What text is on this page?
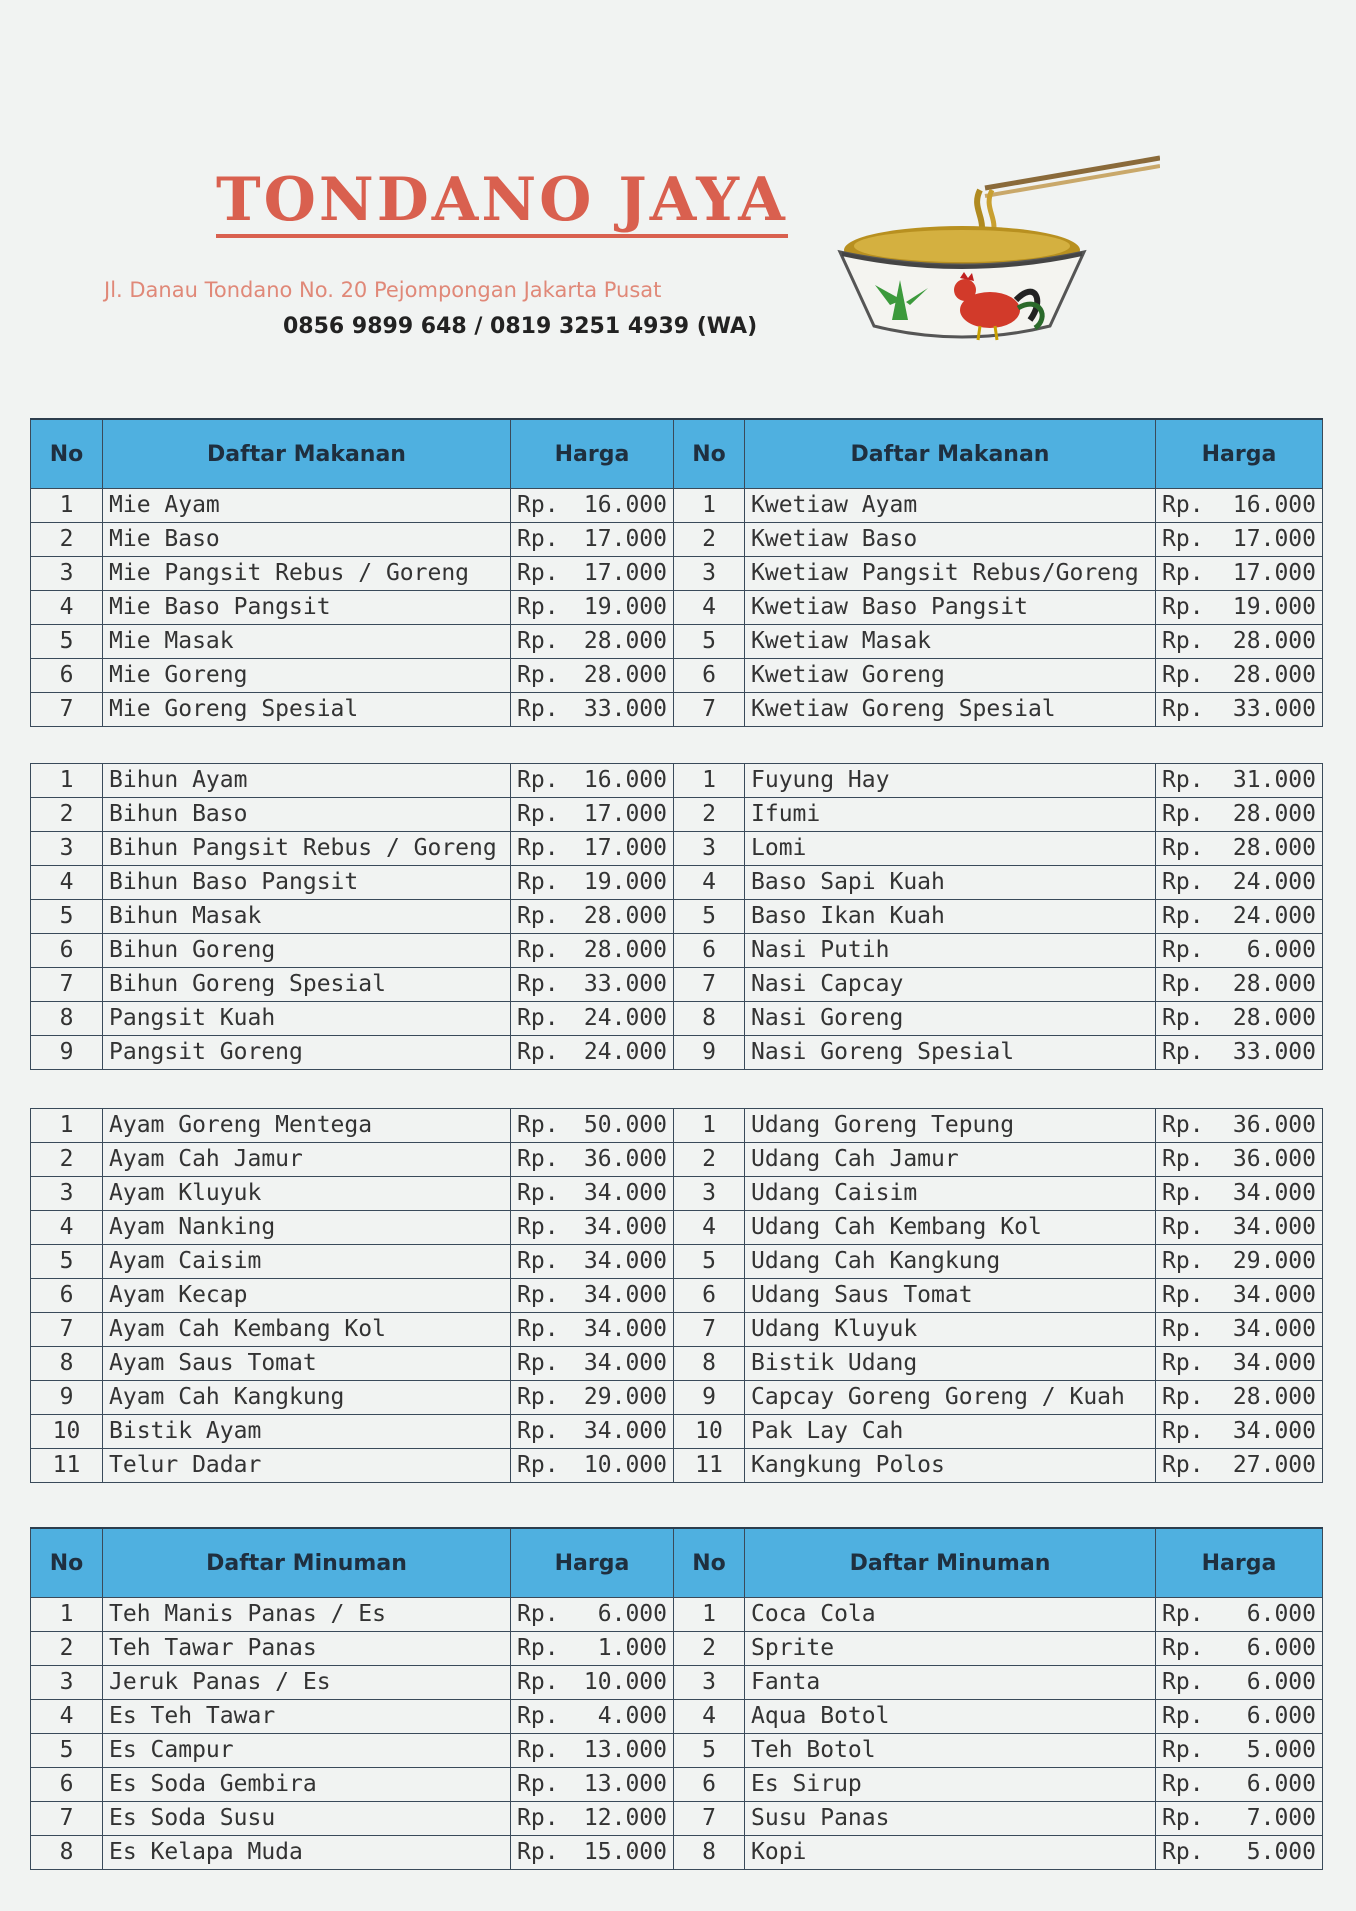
TONDANO JAYA
Jl. Danau Tondano No. 20 Pejompongan Jakarta Pusat
0856 9899 648 / 0819 3251 4939 (WA)
No	Daftar Makanan	Harga	No	Daftar Makanan	Harga
1	Mie Ayam	Rp. 16.000	1	Kwetiaw Ayam	Rp. 16.000

2	Mie Baso	Rp. 17.000	2	Kwetiaw Baso	Rp. 17.000

3	Mie Pangsit Rebus / Goreng	Rp. 17.000	3	Kwetiaw Pangsit Rebus/Goreng	Rp. 17.000

4	Mie Baso Pangsit	Rp. 19.000	4	Kwetiaw Baso Pangsit	Rp. 19.000

5	Mie Masak	Rp. 28.000	5	Kwetiaw Masak	Rp. 28.000

6	Mie Goreng	Rp. 28.000	6	Kwetiaw Goreng	Rp. 28.000

7	Mie Goreng Spesial	Rp. 33.000	7	Kwetiaw Goreng Spesial	Rp. 33.000
1	Bihun Ayam	Rp. 16.000	1	Fuyung Hay	Rp. 31.000

2	Bihun Baso	Rp. 17.000	2	Ifumi	Rp. 28.000

3	Bihun Pangsit Rebus / Goreng	Rp. 17.000	3	Lomi	Rp. 28.000

4	Bihun Baso Pangsit	Rp. 19.000	4	Baso Sapi Kuah	Rp. 24.000

5	Bihun Masak	Rp. 28.000	5	Baso Ikan Kuah	Rp. 24.000

6	Bihun Goreng	Rp. 28.000	6	Nasi Putih	Rp. 6.000

7	Bihun Goreng Spesial	Rp. 33.000	7	Nasi Capcay	Rp. 28.000

8	Pangsit Kuah	Rp. 24.000	8	Nasi Goreng	Rp. 28.000

9	Pangsit Goreng	Rp. 24.000	9	Nasi Goreng Spesial	Rp. 33.000
1	Ayam Goreng Mentega	Rp. 50.000	1	Udang Goreng Tepung	Rp. 36.000

2	Ayam Cah Jamur	Rp. 36.000	2	Udang Cah Jamur	Rp. 36.000

3	Ayam Kluyuk	Rp. 34.000	3	Udang Caisim	Rp. 34.000

4	Ayam Nanking	Rp. 34.000	4	Udang Cah Kembang Kol	Rp. 34.000

5	Ayam Caisim	Rp. 34.000	5	Udang Cah Kangkung	Rp. 29.000

6	Ayam Kecap	Rp. 34.000	6	Udang Saus Tomat	Rp. 34.000

7	Ayam Cah Kembang Kol	Rp. 34.000	7	Udang Kluyuk	Rp. 34.000

8	Ayam Saus Tomat	Rp. 34.000	8	Bistik Udang	Rp. 34.000

9	Ayam Cah Kangkung	Rp. 29.000	9	Capcay Goreng Goreng / Kuah	Rp. 28.000

10	Bistik Ayam	Rp. 34.000	10	Pak Lay Cah	Rp. 34.000

11	Telur Dadar	Rp. 10.000	11	Kangkung Polos	Rp. 27.000
No	Daftar Minuman	Harga	No	Daftar Minuman	Harga
1	Teh Manis Panas / Es	Rp. 6.000	1	Coca Cola	Rp. 6.000

2	Teh Tawar Panas	Rp. 1.000	2	Sprite	Rp. 6.000

3	Jeruk Panas / Es	Rp. 10.000	3	Fanta	Rp. 6.000

4	Es Teh Tawar	Rp. 4.000	4	Aqua Botol	Rp. 6.000

5	Es Campur	Rp. 13.000	5	Teh Botol	Rp. 5.000

6	Es Soda Gembira	Rp. 13.000	6	Es Sirup	Rp. 6.000

7	Es Soda Susu	Rp. 12.000	7	Susu Panas	Rp. 7.000

8	Es Kelapa Muda	Rp. 15.000	8	Kopi	Rp. 5.000
